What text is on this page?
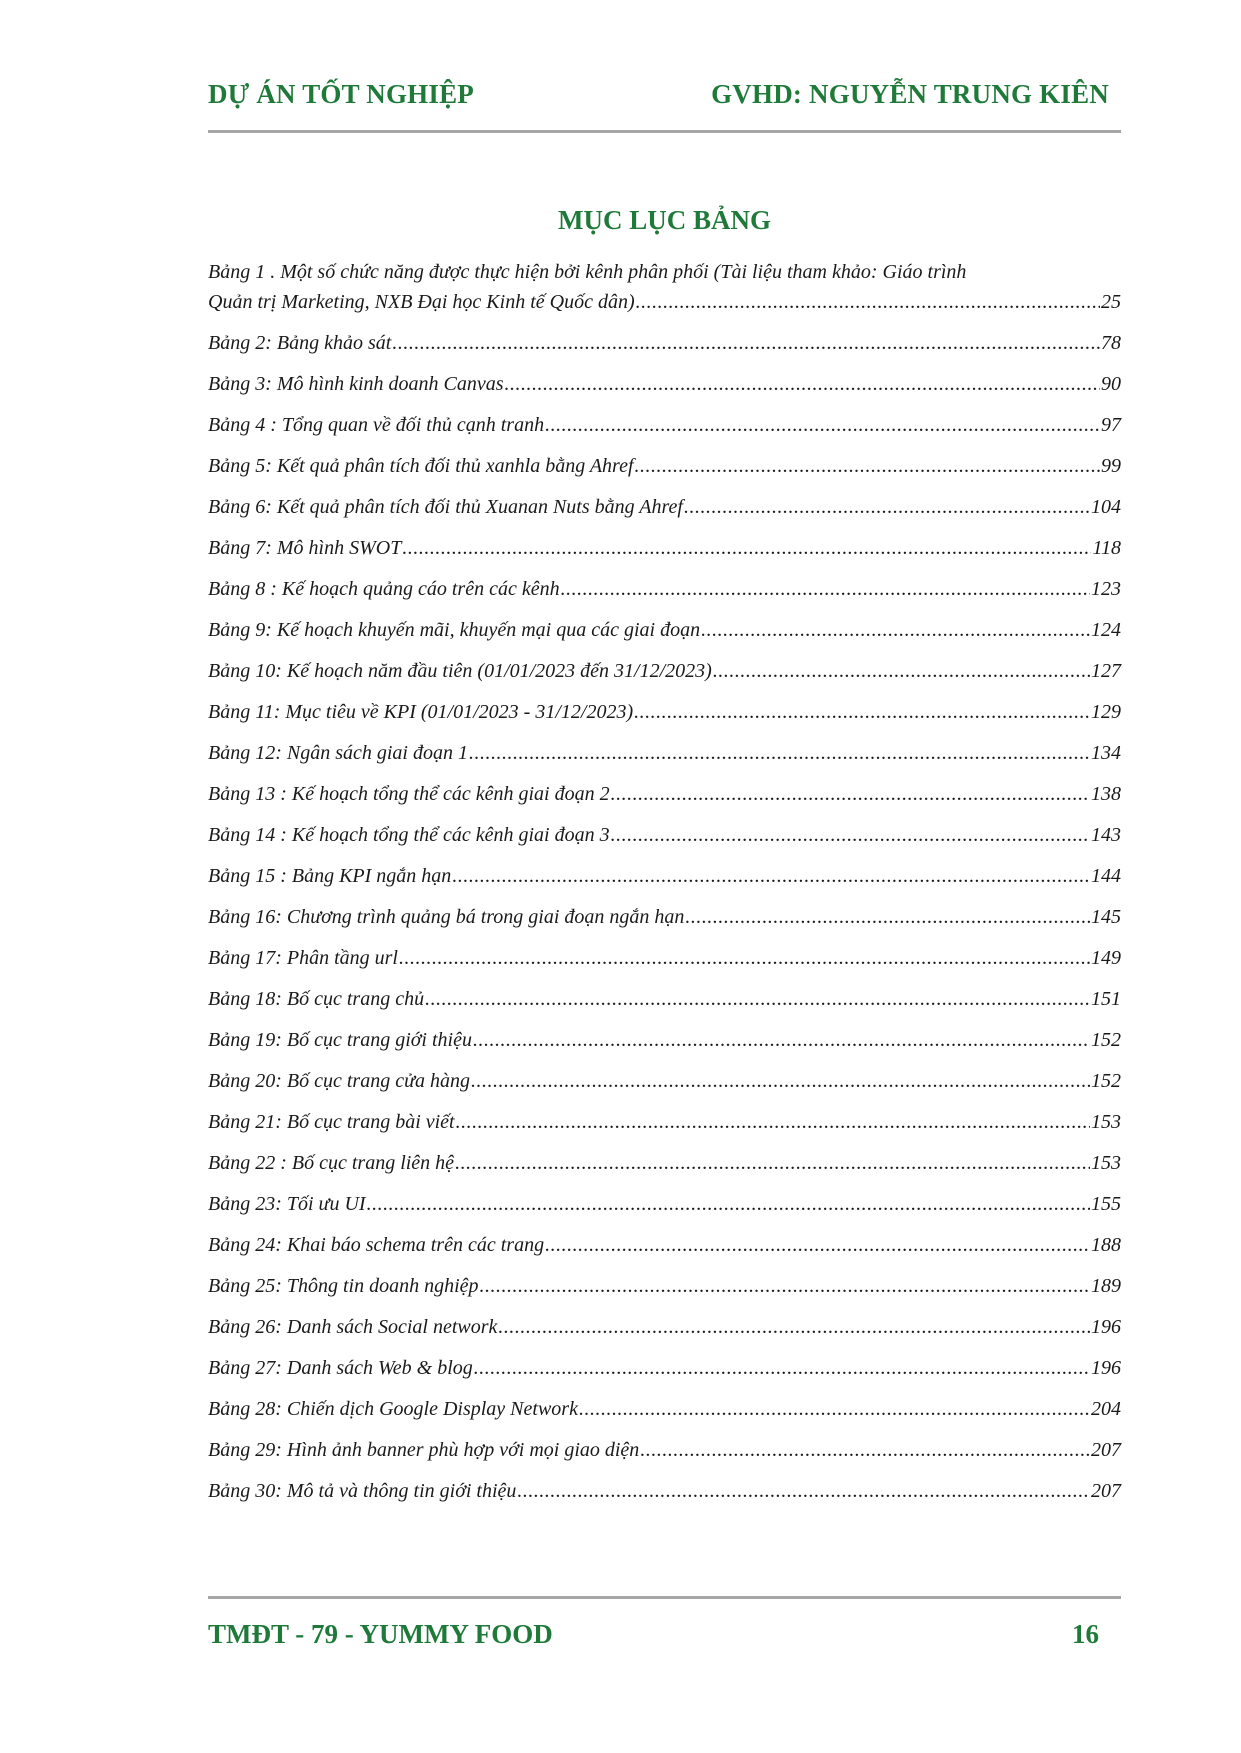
DỰ ÁN TỐT NGHIỆP	GVHD: NGUYỄN TRUNG KIÊN
MỤC LỤC BẢNG
Bảng 1 . Một số chức năng được thực hiện bởi kênh phân phối (Tài liệu tham khảo: Giáo trình
Quản trị Marketing, NXB Đại học Kinh tế Quốc dân) .....	25
Bảng 2: Bảng khảo sát .....	78
Bảng 3: Mô hình kinh doanh Canvas .....	90
Bảng 4 : Tổng quan về đối thủ cạnh tranh .....	97
Bảng 5: Kết quả phân tích đối thủ xanhla bằng Ahref .....	99
Bảng 6: Kết quả phân tích đối thủ Xuanan Nuts bằng Ahref .....	104
Bảng 7: Mô hình SWOT .....	118
Bảng 8 : Kế hoạch quảng cáo trên các kênh .....	123
Bảng 9: Kế hoạch khuyến mãi, khuyến mại qua các giai đoạn .....	124
Bảng 10: Kế hoạch năm đầu tiên (01/01/2023 đến 31/12/2023) .....	127
Bảng 11: Mục tiêu về KPI (01/01/2023 - 31/12/2023) .....	129
Bảng 12: Ngân sách giai đoạn 1 .....	134
Bảng 13 : Kế hoạch tổng thể các kênh giai đoạn 2 .....	138
Bảng 14 : Kế hoạch tổng thể các kênh giai đoạn 3 .....	143
Bảng 15 : Bảng KPI ngắn hạn .....	144
Bảng 16: Chương trình quảng bá trong giai đoạn ngắn hạn .....	145
Bảng 17: Phân tầng url .....	149
Bảng 18: Bố cục trang chủ .....	151
Bảng 19: Bố cục trang giới thiệu .....	152
Bảng 20: Bố cục trang cửa hàng .....	152
Bảng 21: Bố cục trang bài viết .....	153
Bảng 22 : Bố cục trang liên hệ .....	153
Bảng 23: Tối ưu UI .....	155
Bảng 24: Khai báo schema trên các trang .....	188
Bảng 25: Thông tin doanh nghiệp .....	189
Bảng 26: Danh sách Social network .....	196
Bảng 27: Danh sách Web & blog .....	196
Bảng 28: Chiến dịch Google Display Network .....	204
Bảng 29: Hình ảnh banner phù hợp với mọi giao diện .....	207
Bảng 30: Mô tả và thông tin giới thiệu .....	207
TMĐT - 79 - YUMMY FOOD	16
